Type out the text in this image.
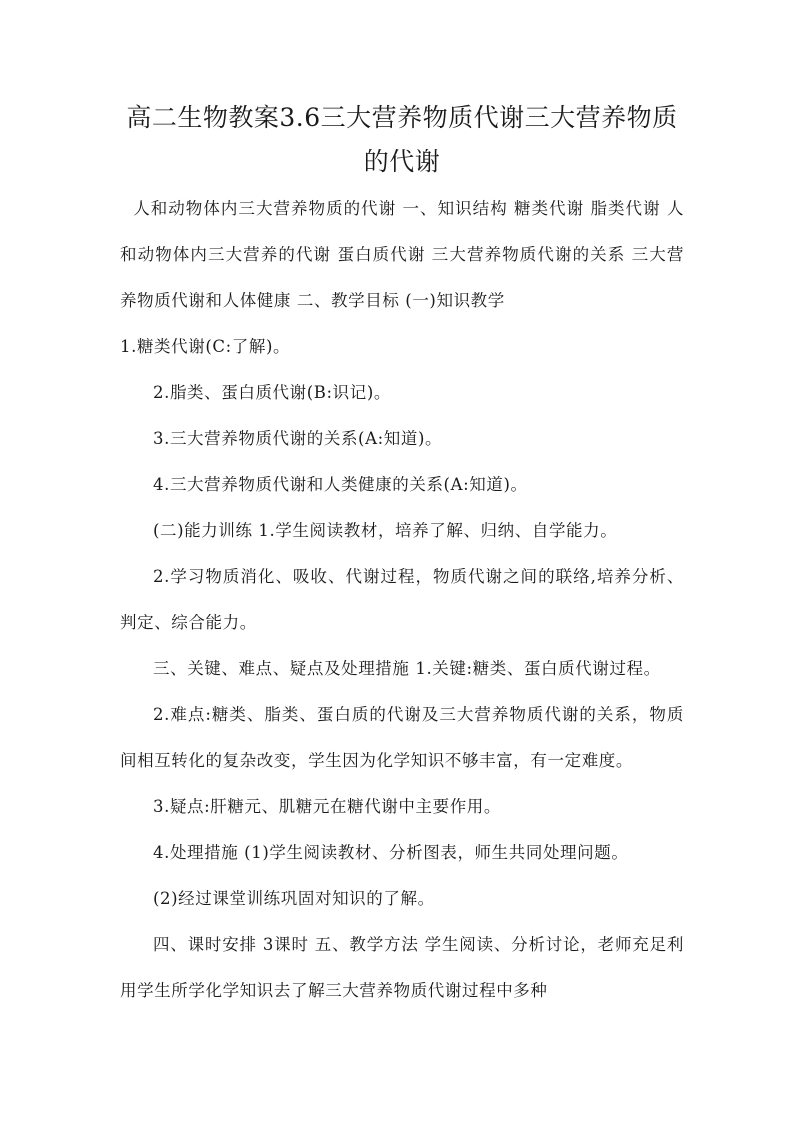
高二生物教案3.6三大营养物质代谢三大营养物质的代谢

人和动物体内三大营养物质的代谢 一、知识结构 糖类代谢 脂类代谢 人和动物体内三大营养的代谢 蛋白质代谢 三大营养物质代谢的关系 三大营养物质代谢和人体健康 二、教学目标 (一)知识教学

1.糖类代谢(C:了解)。

2.脂类、蛋白质代谢(B:识记)。

3.三大营养物质代谢的关系(A:知道)。

4.三大营养物质代谢和人类健康的关系(A:知道)。

(二)能力训练 1.学生阅读教材，培养了解、归纳、自学能力。

2.学习物质消化、吸收、代谢过程，物质代谢之间的联络,培养分析、判定、综合能力。

三、关键、难点、疑点及处理措施 1.关键:糖类、蛋白质代谢过程。

2.难点:糖类、脂类、蛋白质的代谢及三大营养物质代谢的关系，物质间相互转化的复杂改变，学生因为化学知识不够丰富，有一定难度。

3.疑点:肝糖元、肌糖元在糖代谢中主要作用。

4.处理措施 (1)学生阅读教材、分析图表，师生共同处理问题。

(2)经过课堂训练巩固对知识的了解。

四、课时安排 3课时 五、教学方法 学生阅读、分析讨论，老师充足利用学生所学化学知识去了解三大营养物质代谢过程中多种
